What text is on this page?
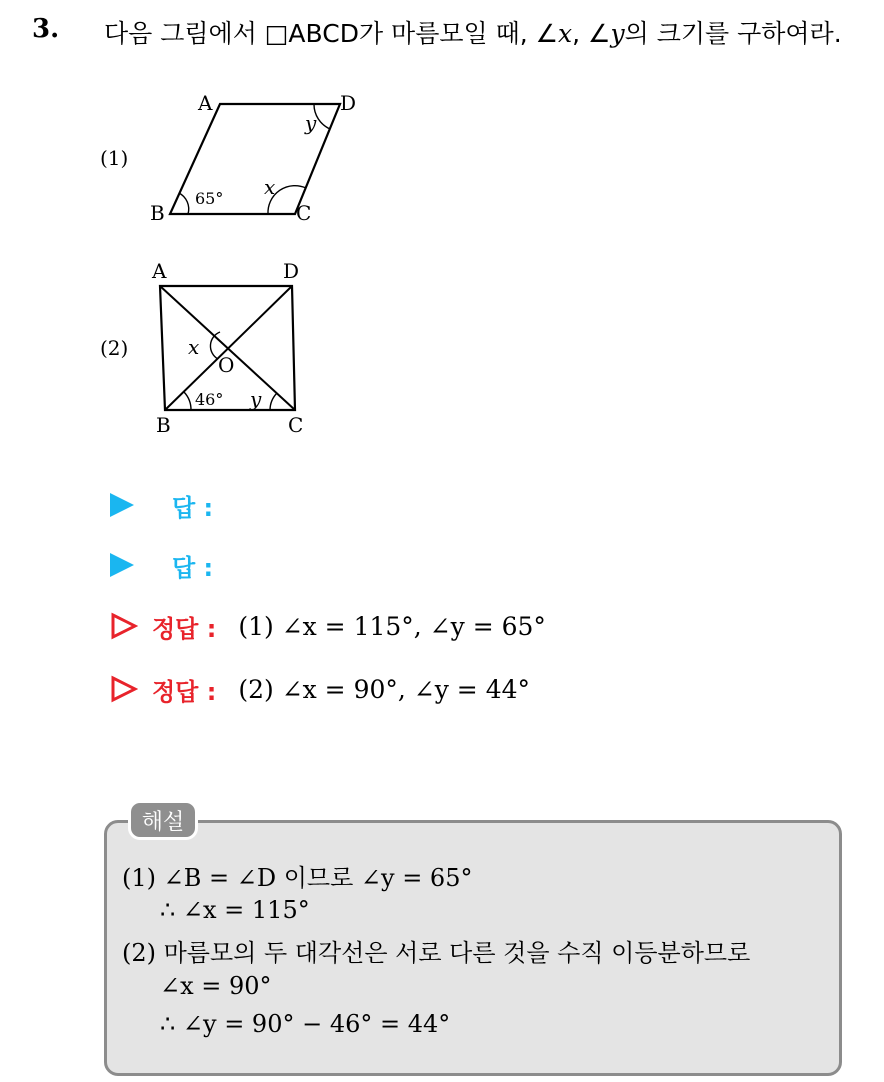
3. 다음 그림에서 □ABCD가 마름모일 때, ∠x, ∠y의 크기를 구하여라.
(1)
A	D
B	C
65° x
y
(2)
A	D
B	C
O
x
46° y
답 :
답 :
정답 : (1) ∠x = 115°, ∠y = 65°
정답 : (2) ∠x = 90°, ∠y = 44°
해설
(1) ∠B = ∠D 이므로 ∠y = 65°
∴ ∠x = 115°
(2) 마름모의 두 대각선은 서로 다른 것을 수직 이등분하므로
∠x = 90°
∴ ∠y = 90° − 46° = 44°
